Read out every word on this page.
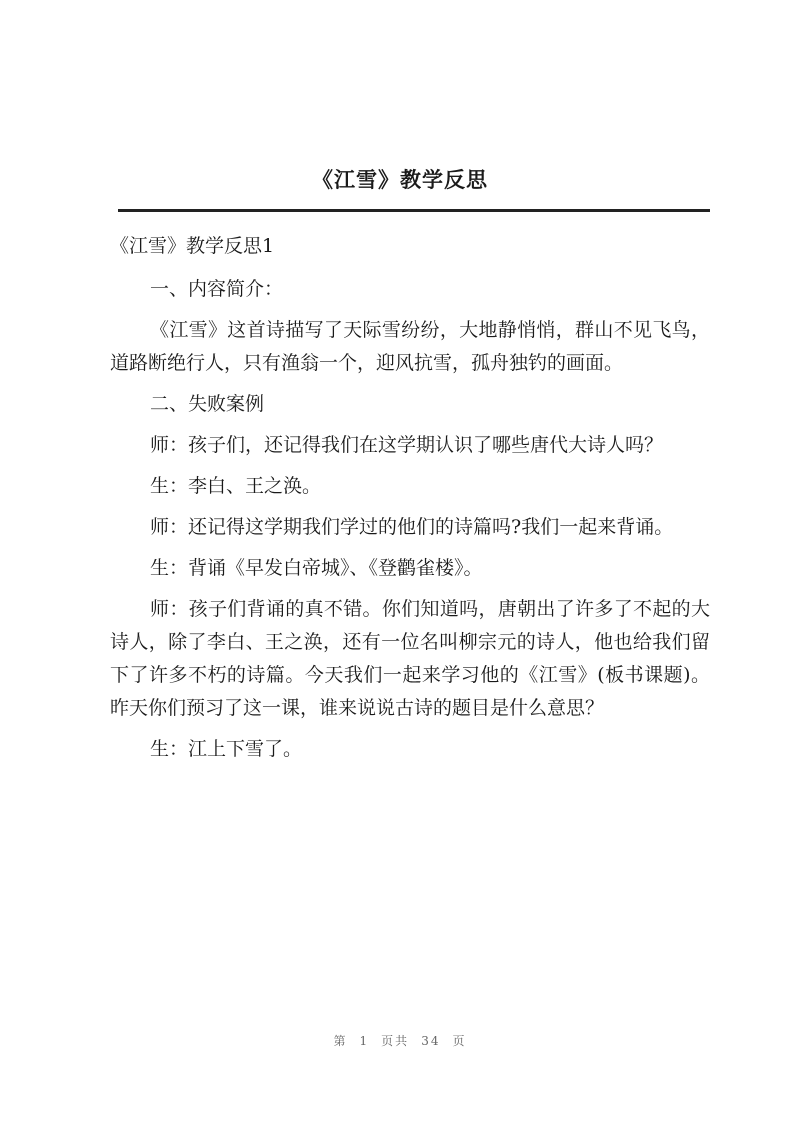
《江雪》教学反思

《江雪》教学反思1

一、内容简介：

《江雪》这首诗描写了天际雪纷纷，大地静悄悄，群山不见飞鸟，道路断绝行人，只有渔翁一个，迎风抗雪，孤舟独钓的画面。

二、失败案例

师：孩子们，还记得我们在这学期认识了哪些唐代大诗人吗？

生：李白、王之涣。

师：还记得这学期我们学过的他们的诗篇吗?我们一起来背诵。

生：背诵《早发白帝城》、《登鹳雀楼》。

师：孩子们背诵的真不错。你们知道吗，唐朝出了许多了不起的大诗人，除了李白、王之涣，还有一位名叫柳宗元的诗人，他也给我们留下了许多不朽的诗篇。今天我们一起来学习他的《江雪》(板书课题)。昨天你们预习了这一课，谁来说说古诗的题目是什么意思？

生：江上下雪了。

第 1 页共 34 页
